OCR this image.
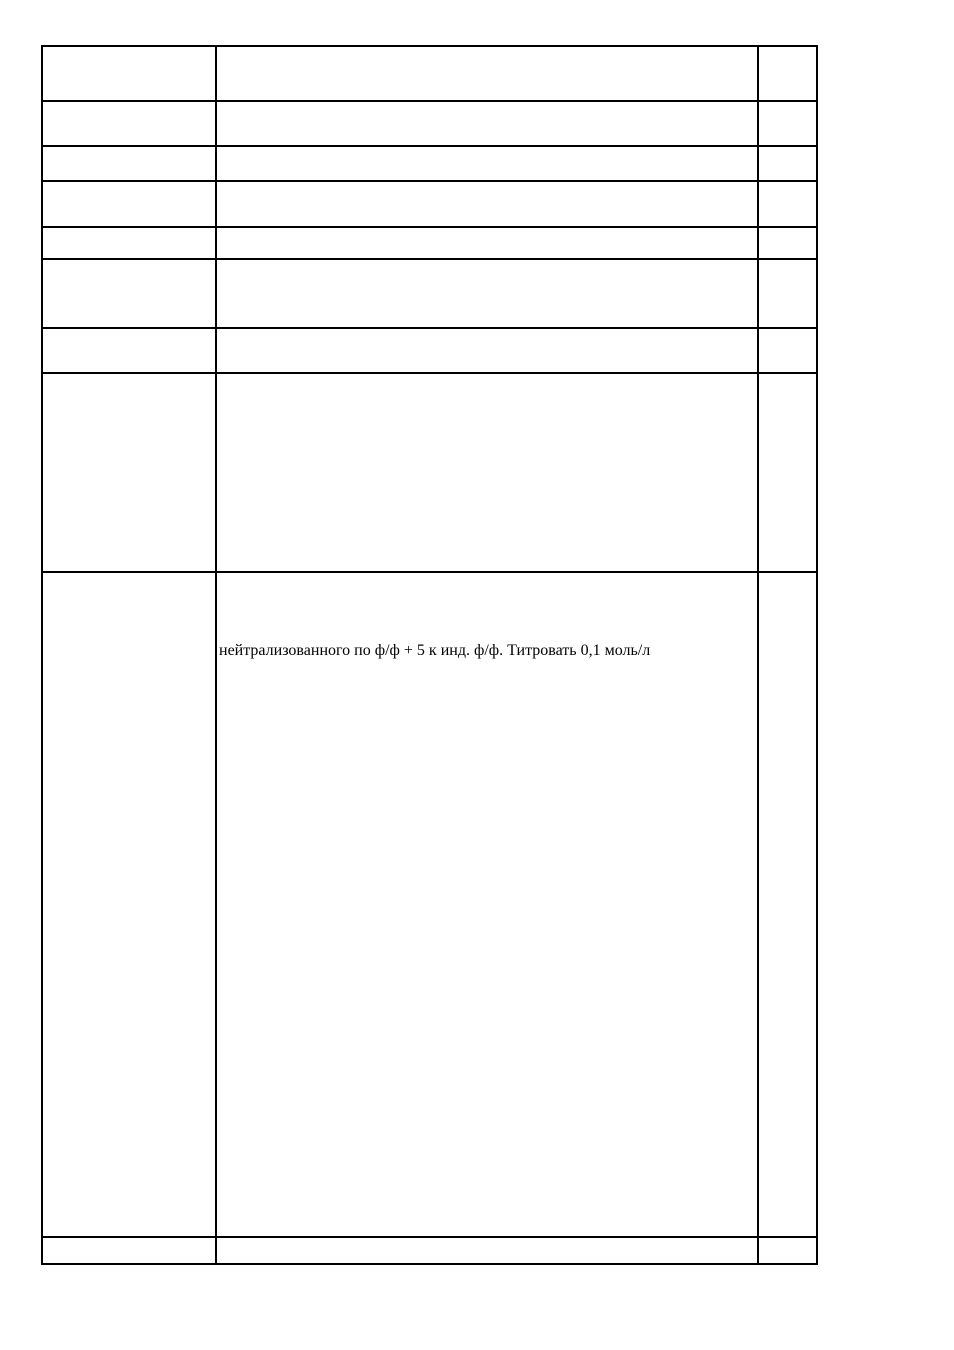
	нейтрализованного по ф/ф + 5 к инд. ф/ф. Титровать 0,1 моль/л	
